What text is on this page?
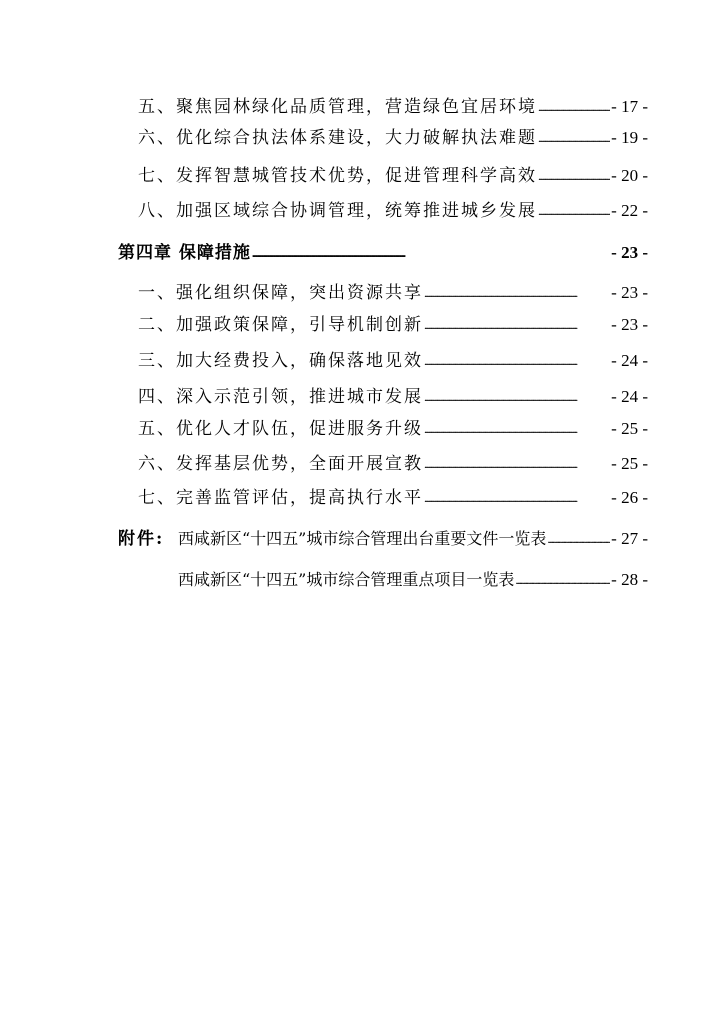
五、聚焦园林绿化品质管理，营造绿色宜居环境 . . .	- 17 -
六、优化综合执法体系建设，大力破解执法难题 . . .	- 19 -
七、发挥智慧城管技术优势，促进管理科学高效 . . .	- 20 -
八、加强区域综合协调管理，统筹推进城乡发展 . . .	- 22 -
第四章 保障措施 . . .	- 23 -
一、强化组织保障，突出资源共享 . . .	- 23 -
二、加强政策保障，引导机制创新 . . .	- 23 -
三、加大经费投入，确保落地见效 . . .	- 24 -
四、深入示范引领，推进城市发展 . . .	- 24 -
五、优化人才队伍，促进服务升级 . . .	- 25 -
六、发挥基层优势，全面开展宣教 . . .	- 25 -
七、完善监管评估，提高执行水平 . . .	- 26 -
附件: 西咸新区“十四五”城市综合管理出台重要文件一览表 . . .	- 27 -
西咸新区“十四五”城市综合管理重点项目一览表 . . .	- 28 -
